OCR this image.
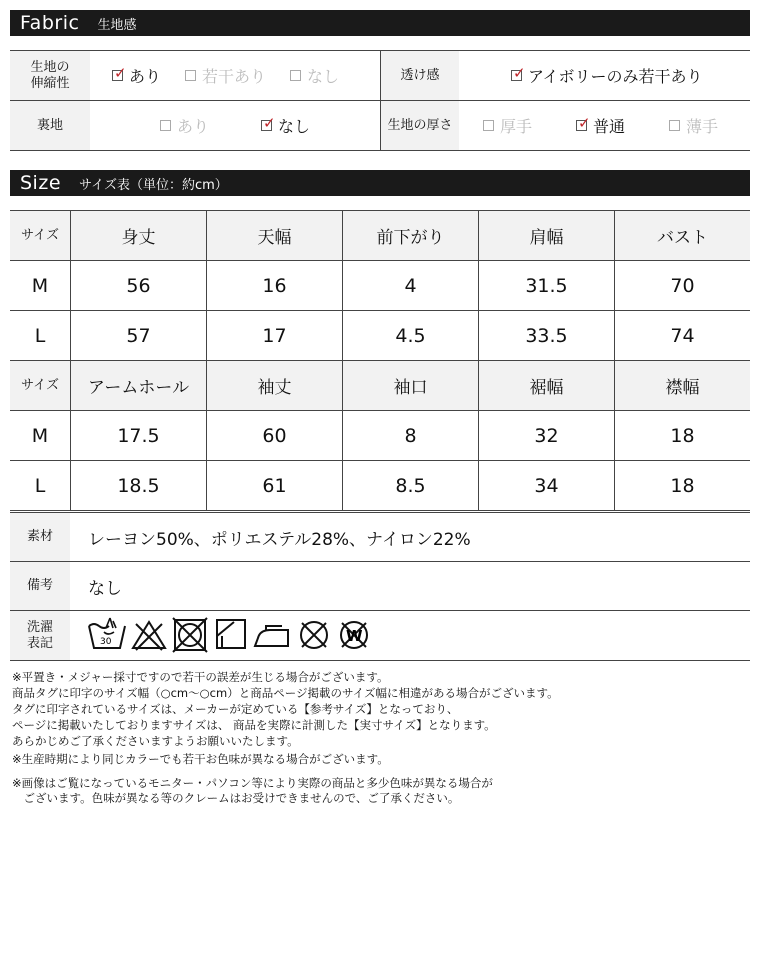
Fabric 生地感
生地の
伸縮性
✓ あり	若干あり	なし	透け感	✓ アイボリーのみ若干あり
裏地	あり	✓ なし	生地の厚さ	厚手	✓ 普通	薄手
Size サイズ表（単位：約cm）
サイズ	身丈	天幅	前下がり	肩幅	バスト
M	56	16	4	31.5	70
L	57	17	4.5	33.5	74
サイズ	アームホール	袖丈	袖口	裾幅	襟幅
M	17.5	60	8	32	18
L	18.5	61	8.5	34	18
素材	レーヨン50%、ポリエステル28%、ナイロン22%
備考	なし
洗濯
表記	30	W
※平置き・メジャー採寸ですので若干の誤差が生じる場合がございます。
商品タグに印字のサイズ幅（○cm〜○cm）と商品ページ掲載のサイズ幅に相違がある場合がございます。
タグに印字されているサイズは、メーカーが定めている【参考サイズ】となっており、
ページに掲載いたしておりますサイズは、 商品を実際に計測した【実寸サイズ】となります。
あらかじめご了承くださいますようお願いいたします。
※生産時期により同じカラーでも若干お色味が異なる場合がございます。
※画像はご覧になっているモニター・パソコン等により実際の商品と多少色味が異なる場合が
　ございます。色味が異なる等のクレームはお受けできませんので、ご了承ください。
